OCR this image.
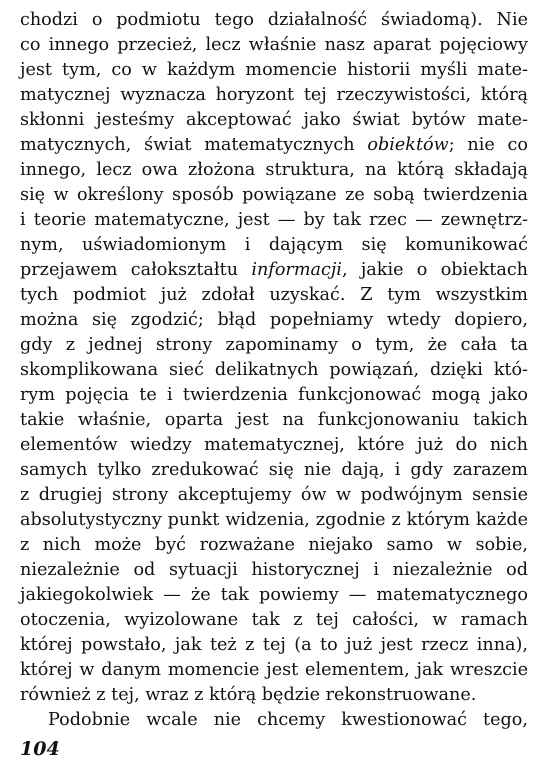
chodzi o podmiotu tego działalność świadomą). Nie
co innego przecież, lecz właśnie nasz aparat pojęciowy
jest tym, co w każdym momencie historii myśli mate-
matycznej wyznacza horyzont tej rzeczywistości, którą
skłonni jesteśmy akceptować jako świat bytów mate-
matycznych, świat matematycznych obiektów; nie co
innego, lecz owa złożona struktura, na którą składają
się w określony sposób powiązane ze sobą twierdzenia
i teorie matematyczne, jest — by tak rzec — zewnętrz-
nym, uświadomionym i dającym się komunikować
przejawem całokształtu informacji, jakie o obiektach
tych podmiot już zdołał uzyskać. Z tym wszystkim
można się zgodzić; błąd popełniamy wtedy dopiero,
gdy z jednej strony zapominamy o tym, że cała ta
skomplikowana sieć delikatnych powiązań, dzięki któ-
rym pojęcia te i twierdzenia funkcjonować mogą jako
takie właśnie, oparta jest na funkcjonowaniu takich
elementów wiedzy matematycznej, które już do nich
samych tylko zredukować się nie dają, i gdy zarazem
z drugiej strony akceptujemy ów w podwójnym sensie
absolutystyczny punkt widzenia, zgodnie z którym każde
z nich może być rozważane niejako samo w sobie,
niezależnie od sytuacji historycznej i niezależnie od
jakiegokolwiek — że tak powiemy — matematycznego
otoczenia, wyizolowane tak z tej całości, w ramach
której powstało, jak też z tej (a to już jest rzecz inna),
której w danym momencie jest elementem, jak wreszcie
również z tej, wraz z którą będzie rekonstruowane.
Podobnie wcale nie chcemy kwestionować tego,
104
